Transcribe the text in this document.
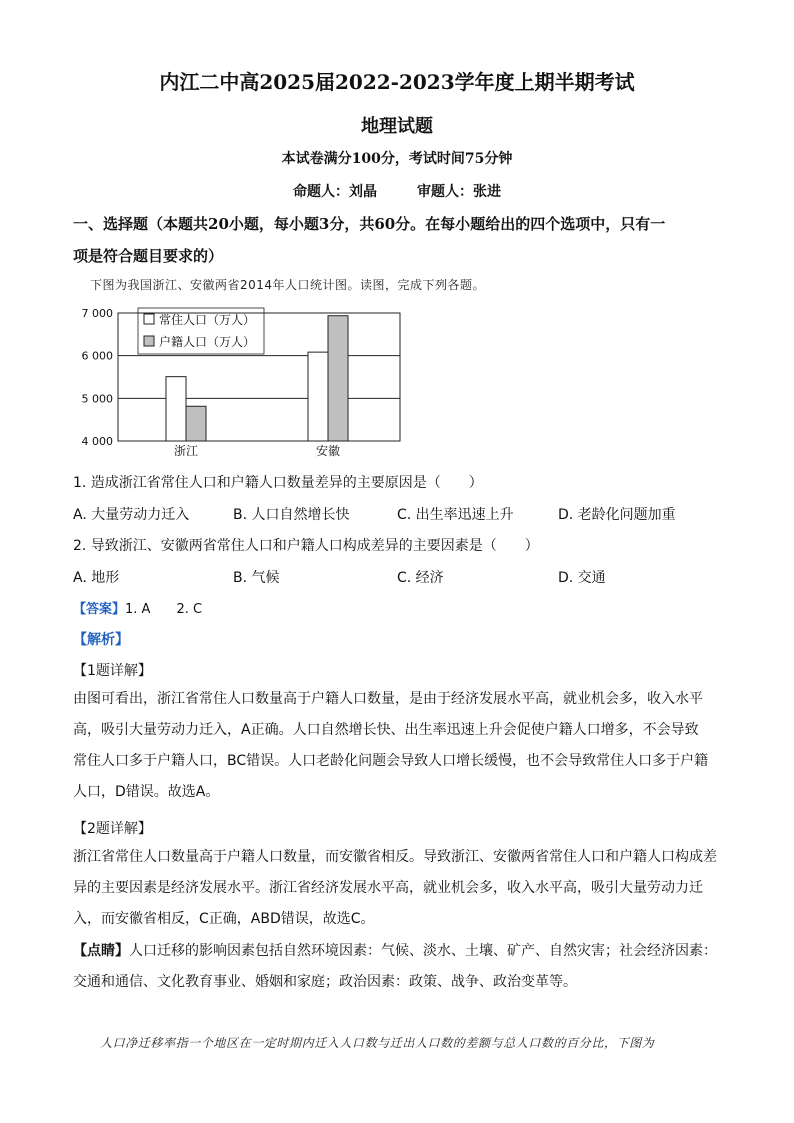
内江二中高2025届2022-2023学年度上期半期考试
地理试题
本试卷满分100分，考试时间75分钟
命题人：刘晶	审题人：张进
一、选择题（本题共20小题，每小题3分，共60分。在每小题给出的四个选项中，只有一
项是符合题目要求的）
下图为我国浙江、安徽两省2014年人口统计图。读图，完成下列各题。
4 000
5 000
6 000
7 000
浙江	安徽
常住人口（万人）
户籍人口（万人）
1. 造成浙江省常住人口和户籍人口数量差异的主要原因是（　　）
A. 大量劳动力迁入	B. 人口自然增长快	C. 出生率迅速上升	D. 老龄化问题加重
2. 导致浙江、安徽两省常住人口和户籍人口构成差异的主要因素是（　　）
A. 地形	B. 气候	C. 经济	D. 交通
【答案】1. A　　2. C
【解析】
【1题详解】
由图可看出，浙江省常住人口数量高于户籍人口数量，是由于经济发展水平高，就业机会多，收入水平
高，吸引大量劳动力迁入，A正确。人口自然增长快、出生率迅速上升会促使户籍人口增多，不会导致
常住人口多于户籍人口，BC错误。人口老龄化问题会导致人口增长缓慢，也不会导致常住人口多于户籍
人口，D错误。故选A。
【2题详解】
浙江省常住人口数量高于户籍人口数量，而安徽省相反。导致浙江、安徽两省常住人口和户籍人口构成差
异的主要因素是经济发展水平。浙江省经济发展水平高，就业机会多，收入水平高，吸引大量劳动力迁
入，而安徽省相反，C正确，ABD错误，故选C。
【点睛】人口迁移的影响因素包括自然环境因素：气候、淡水、土壤、矿产、自然灾害；社会经济因素：
交通和通信、文化教育事业、婚姻和家庭；政治因素：政策、战争、政治变革等。
人口净迁移率指一个地区在一定时期内迁入人口数与迁出人口数的差额与总人口数的百分比，下图为
